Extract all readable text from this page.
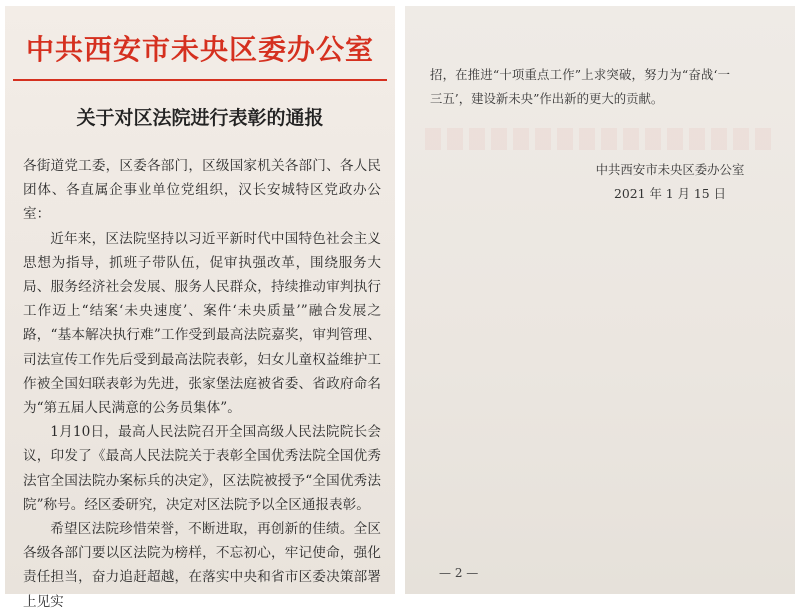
中共西安市未央区委办公室
关于对区法院进行表彰的通报

各街道党工委，区委各部门，区级国家机关各部门、各人民团体、各直属企事业单位党组织，汉长安城特区党政办公室：

近年来，区法院坚持以习近平新时代中国特色社会主义思想为指导，抓班子带队伍，促审执强改革，围绕服务大局、服务经济社会发展、服务人民群众，持续推动审判执行工作迈上“结案‘未央速度’、案件‘未央质量’”融合发展之路，“基本解决执行难”工作受到最高法院嘉奖，审判管理、司法宣传工作先后受到最高法院表彰，妇女儿童权益维护工作被全国妇联表彰为先进，张家堡法庭被省委、省政府命名为“第五届人民满意的公务员集体”。

1月10日，最高人民法院召开全国高级人民法院院长会议，印发了《最高人民法院关于表彰全国优秀法院全国优秀法官全国法院办案标兵的决定》，区法院被授予“全国优秀法院”称号。经区委研究，决定对区法院予以全区通报表彰。

希望区法院珍惜荣誉，不断进取，再创新的佳绩。全区各级各部门要以区法院为榜样，不忘初心，牢记使命，强化责任担当，奋力追赶超越，在落实中央和省市区委决策部署上见实

招，在推进“十项重点工作”上求突破，努力为“奋战‘一三五’，建设新未央”作出新的更大的贡献。

中共西安市未央区委办公室
2021 年 1 月 15 日
— 2 —
